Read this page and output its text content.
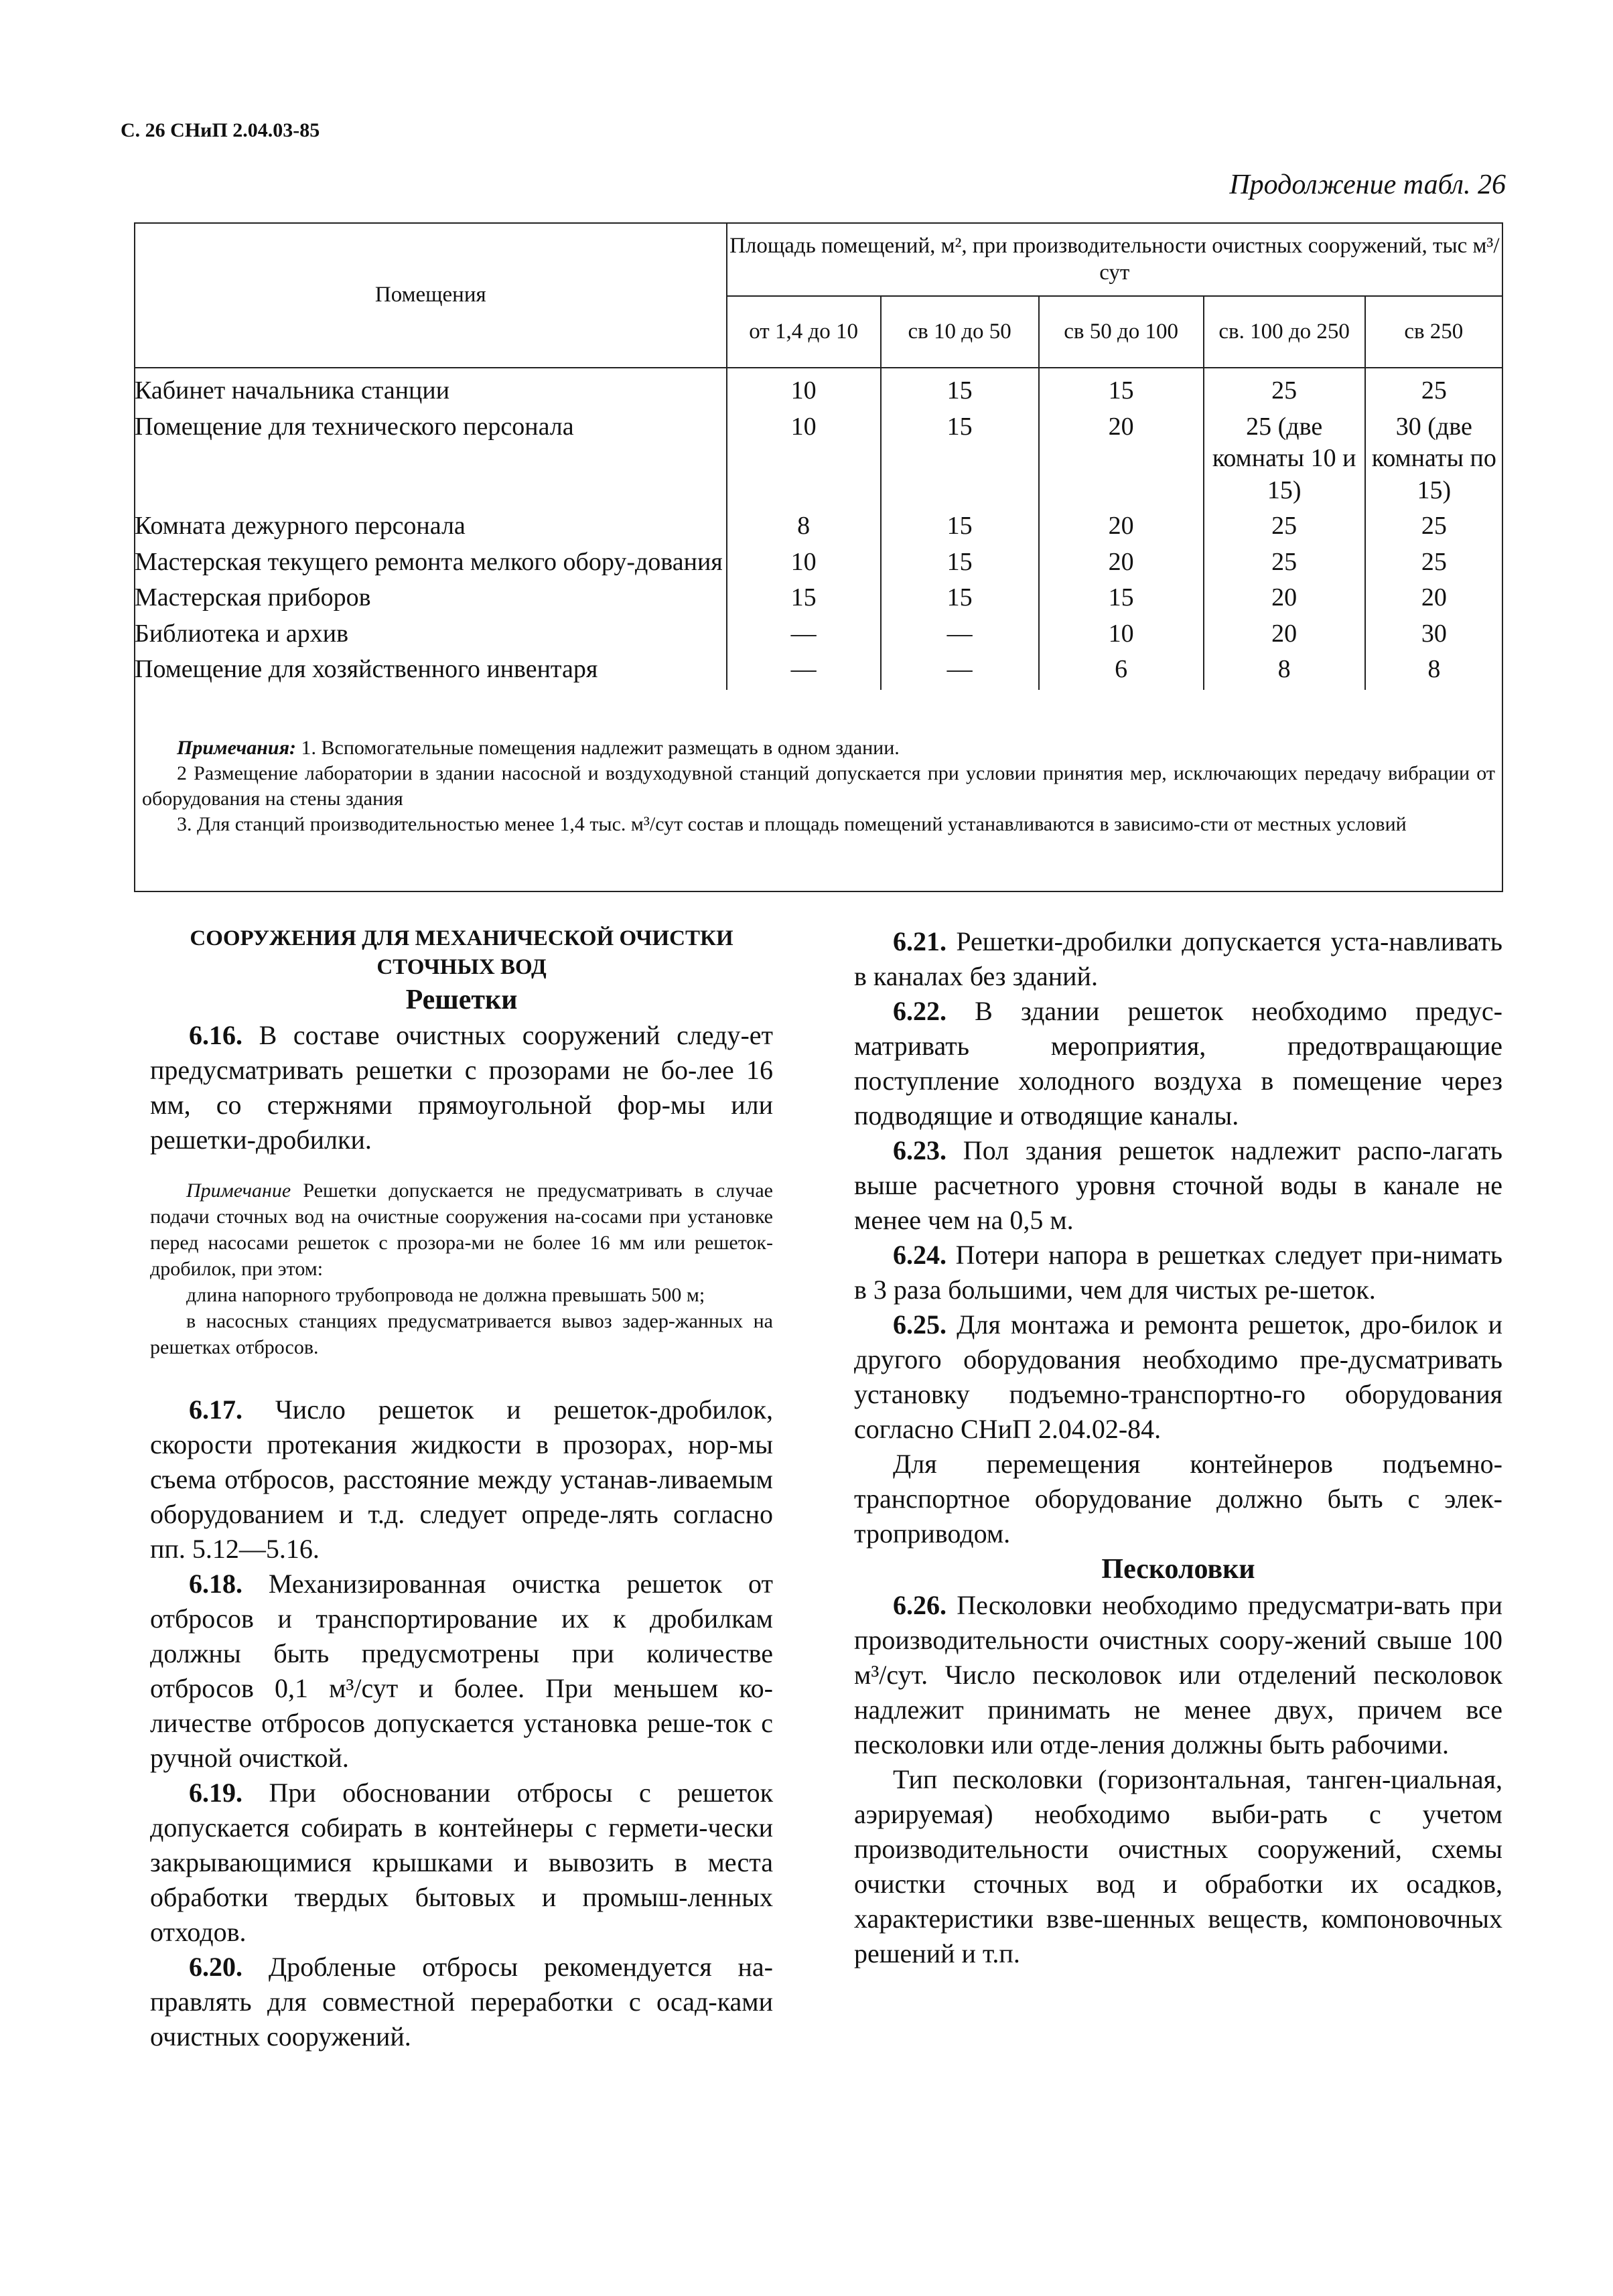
С. 26 СНиП 2.04.03-85
Продолжение табл. 26
Помещения	Площадь помещений, м², при производительности очистных сооружений, тыс м³/сут				
	от 1,4 до 10	св 10 до 50	св 50 до 100	св. 100 до 250	св 250
Кабинет начальника станции	10	15	15	25	25
Помещение для технического персонала	10	15	20	25 (две комнаты 10 и 15)	30 (две комнаты по 15)
Комната дежурного персонала	8	15	20	25	25
Мастерская текущего ремонта мелкого обору-дования	10	15	20	25	25
Мастерская приборов	15	15	15	20	20
Библиотека и архив	—	—	10	20	30
Помещение для хозяйственного инвентаря	—	—	6	8	8

Примечания: 1. Вспомогательные помещения надлежит размещать в одном здании.

2 Размещение лаборатории в здании насосной и воздуходувной станций допускается при условии принятия мер, исключающих передачу вибрации от оборудования на стены здания

3. Для станций производительностью менее 1,4 тыс. м³/сут состав и площадь помещений устанавливаются в зависимо-сти от местных условий

СООРУЖЕНИЯ ДЛЯ МЕХАНИЧЕСКОЙ ОЧИСТКИ СТОЧНЫХ ВОД

Решетки

6.16. В составе очистных сооружений следу-ет предусматривать решетки с прозорами не бо-лее 16 мм, со стержнями прямоугольной фор-мы или решетки-дробилки.

Примечание Решетки допускается не предусматривать в случае подачи сточных вод на очистные сооружения на-сосами при установке перед насосами решеток с прозора-ми не более 16 мм или решеток-дробилок, при этом:

длина напорного трубопровода не должна превышать 500 м;

в насосных станциях предусматривается вывоз задер-жанных на решетках отбросов.

6.17. Число решеток и решеток-дробилок, скорости протекания жидкости в прозорах, нор-мы съема отбросов, расстояние между устанав-ливаемым оборудованием и т.д. следует опреде-лять согласно пп. 5.12—5.16.

6.18. Механизированная очистка решеток от отбросов и транспортирование их к дробилкам должны быть предусмотрены при количестве отбросов 0,1 м³/сут и более. При меньшем ко-личестве отбросов допускается установка реше-ток с ручной очисткой.

6.19. При обосновании отбросы с решеток допускается собирать в контейнеры с гермети-чески закрывающимися крышками и вывозить в места обработки твердых бытовых и промыш-ленных отходов.

6.20. Дробленые отбросы рекомендуется на-правлять для совместной переработки с осад-ками очистных сооружений.

6.21. Решетки-дробилки допускается уста-навливать в каналах без зданий.

6.22. В здании решеток необходимо предус-матривать мероприятия, предотвращающие поступление холодного воздуха в помещение через подводящие и отводящие каналы.

6.23. Пол здания решеток надлежит распо-лагать выше расчетного уровня сточной воды в канале не менее чем на 0,5 м.

6.24. Потери напора в решетках следует при-нимать в 3 раза большими, чем для чистых ре-шеток.

6.25. Для монтажа и ремонта решеток, дро-билок и другого оборудования необходимо пре-дусматривать установку подъемно-транспортно-го оборудования согласно СНиП 2.04.02-84.

Для перемещения контейнеров подъемно-транспортное оборудование должно быть с элек-троприводом.

Песколовки

6.26. Песколовки необходимо предусматри-вать при производительности очистных соору-жений свыше 100 м³/сут. Число песколовок или отделений песколовок надлежит принимать не менее двух, причем все песколовки или отде-ления должны быть рабочими.

Тип песколовки (горизонтальная, танген-циальная, аэрируемая) необходимо выби-рать с учетом производительности очистных сооружений, схемы очистки сточных вод и обработки их осадков, характеристики взве-шенных веществ, компоновочных решений и т.п.
